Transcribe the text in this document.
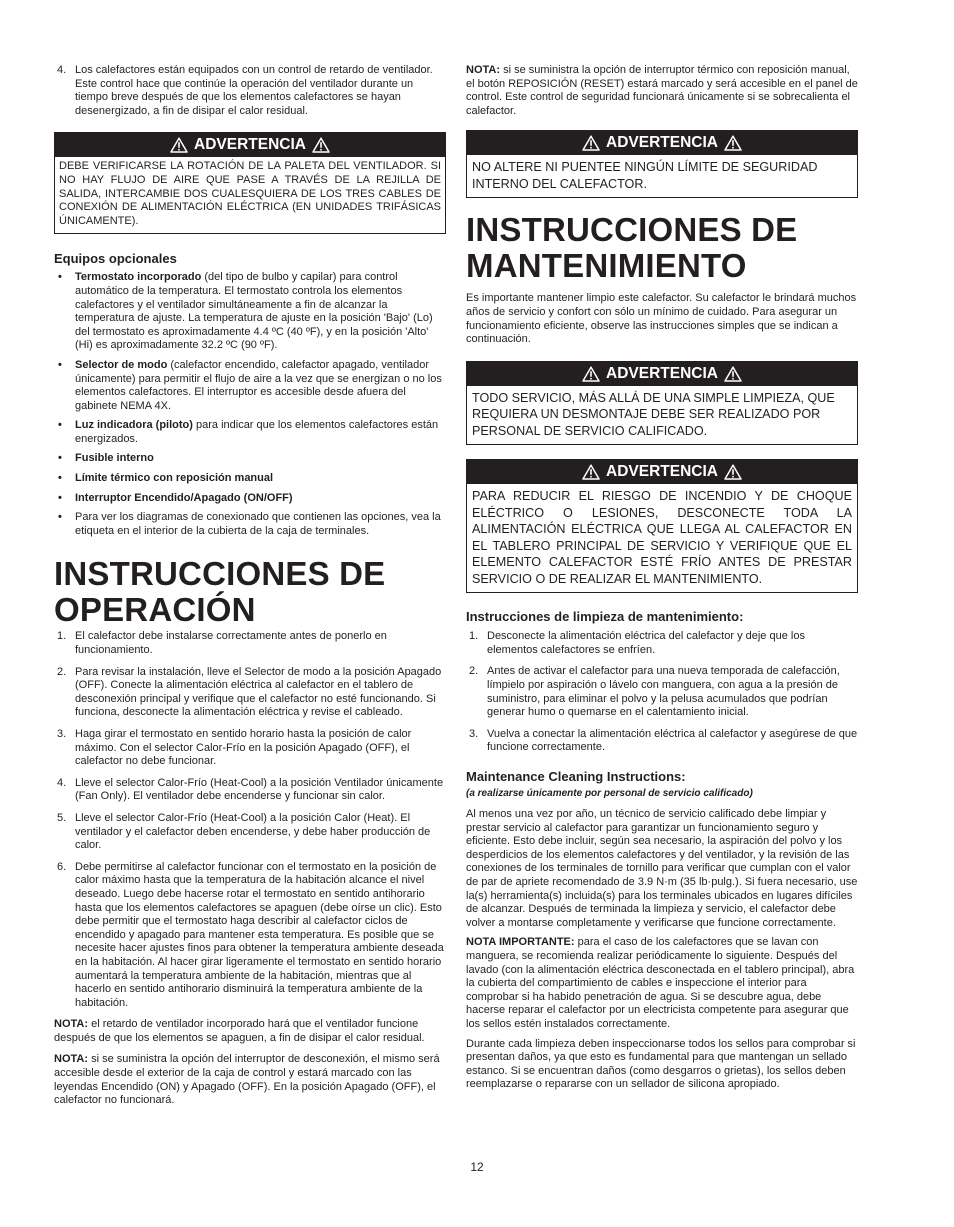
4. Los calefactores están equipados con un control de retardo de ventilador. Este control hace que continúe la operación del ventilador durante un tiempo breve después de que los elementos calefactores se hayan desenergizado, a fin de disipar el calor residual.
ADVERTENCIA
DEBE VERIFICARSE LA ROTACIÓN DE LA PALETA DEL VENTILADOR. SI NO HAY FLUJO DE AIRE QUE PASE A TRAVÉS DE LA REJILLA DE SALIDA, INTERCAMBIE DOS CUALESQUIERA DE LOS TRES CABLES DE CONEXIÓN DE ALIMENTACIÓN ELÉCTRICA (EN UNIDADES TRIFÁSICAS ÚNICAMENTE).
Equipos opcionales
• Termostato incorporado (del tipo de bulbo y capilar) para control automático de la temperatura. El termostato controla los elementos calefactores y el ventilador simultáneamente a fin de alcanzar la temperatura de ajuste. La temperatura de ajuste en la posición 'Bajo' (Lo) del termostato es aproximadamente 4.4 ºC (40 ºF), y en la posición 'Alto' (Hi) es aproximadamente 32.2 ºC (90 ºF).
• Selector de modo (calefactor encendido, calefactor apagado, ventilador únicamente) para permitir el flujo de aire a la vez que se energizan o no los elementos calefactores. El interruptor es accesible desde afuera del gabinete NEMA 4X.
• Luz indicadora (piloto) para indicar que los elementos calefactores están energizados.
• Fusible interno
• Límite térmico con reposición manual
• Interruptor Encendido/Apagado (ON/OFF)
• Para ver los diagramas de conexionado que contienen las opciones, vea la etiqueta en el interior de la cubierta de la caja de terminales.
INSTRUCCIONES DE
OPERACIÓN
1. El calefactor debe instalarse correctamente antes de ponerlo en funcionamiento.
2. Para revisar la instalación, lleve el Selector de modo a la posición Apagado (OFF). Conecte la alimentación eléctrica al calefactor en el tablero de desconexión principal y verifique que el calefactor no esté funcionando. Si funciona, desconecte la alimentación eléctrica y revise el cableado.
3. Haga girar el termostato en sentido horario hasta la posición de calor máximo. Con el selector Calor-Frío en la posición Apagado (OFF), el calefactor no debe funcionar.
4. Lleve el selector Calor-Frío (Heat-Cool) a la posición Ventilador únicamente (Fan Only). El ventilador debe encenderse y funcionar sin calor.
5. Lleve el selector Calor-Frío (Heat-Cool) a la posición Calor (Heat). El ventilador y el calefactor deben encenderse, y debe haber producción de calor.
6. Debe permitirse al calefactor funcionar con el termostato en la posición de calor máximo hasta que la temperatura de la habitación alcance el nivel deseado. Luego debe hacerse rotar el termostato en sentido antihorario hasta que los elementos calefactores se apaguen (debe oírse un clic). Esto debe permitir que el termostato haga describir al calefactor ciclos de encendido y apagado para mantener esta temperatura. Es posible que se necesite hacer ajustes finos para obtener la temperatura ambiente deseada en la habitación. Al hacer girar ligeramente el termostato en sentido horario aumentará la temperatura ambiente de la habitación, mientras que al hacerlo en sentido antihorario disminuirá la temperatura ambiente de la habitación.

NOTA: el retardo de ventilador incorporado hará que el ventilador funcione después de que los elementos se apaguen, a fin de disipar el calor residual.

NOTA: si se suministra la opción del interruptor de desconexión, el mismo será accesible desde el exterior de la caja de control y estará marcado con las leyendas Encendido (ON) y Apagado (OFF). En la posición Apagado (OFF), el calefactor no funcionará.

NOTA: si se suministra la opción de interruptor térmico con reposición manual, el botón REPOSICIÓN (RESET) estará marcado y será accesible en el panel de control. Este control de seguridad funcionará únicamente si se sobrecalienta el calefactor.

ADVERTENCIA
NO ALTERE NI PUENTEE NINGÚN LÍMITE DE SEGURIDAD INTERNO DEL CALEFACTOR.
INSTRUCCIONES DE
MANTENIMIENTO

Es importante mantener limpio este calefactor. Su calefactor le brindará muchos años de servicio y confort con sólo un mínimo de cuidado. Para asegurar un funcionamiento eficiente, observe las instrucciones simples que se indican a continuación.

ADVERTENCIA
TODO SERVICIO, MÁS ALLÁ DE UNA SIMPLE LIMPIEZA, QUE REQUIERA UN DESMONTAJE DEBE SER REALIZADO POR PERSONAL DE SERVICIO CALIFICADO.
ADVERTENCIA
PARA REDUCIR EL RIESGO DE INCENDIO Y DE CHOQUE ELÉCTRICO O LESIONES, DESCONECTE TODA LA ALIMENTACIÓN ELÉCTRICA QUE LLEGA AL CALEFACTOR EN EL TABLERO PRINCIPAL DE SERVICIO Y VERIFIQUE QUE EL ELEMENTO CALEFACTOR ESTÉ FRÍO ANTES DE PRESTAR SERVICIO O DE REALIZAR EL MANTENIMIENTO.
Instrucciones de limpieza de mantenimiento:
1. Desconecte la alimentación eléctrica del calefactor y deje que los elementos calefactores se enfríen.
2. Antes de activar el calefactor para una nueva temporada de calefacción, límpielo por aspiración o lávelo con manguera, con agua a la presión de suministro, para eliminar el polvo y la pelusa acumulados que podrían generar humo o quemarse en el calentamiento inicial.
3. Vuelva a conectar la alimentación eléctrica al calefactor y asegúrese de que funcione correctamente.
Maintenance Cleaning Instructions:

(a realizarse únicamente por personal de servicio calificado)

Al menos una vez por año, un técnico de servicio calificado debe limpiar y prestar servicio al calefactor para garantizar un funcionamiento seguro y eficiente. Esto debe incluir, según sea necesario, la aspiración del polvo y los desperdicios de los elementos calefactores y del ventilador, y la revisión de las conexiones de los terminales de tornillo para verificar que cumplan con el valor de par de apriete recomendado de 3.9 N·m (35 lb·pulg.). Si fuera necesario, use la(s) herramienta(s) incluida(s) para los terminales ubicados en lugares difíciles de alcanzar. Después de terminada la limpieza y servicio, el calefactor debe volver a montarse completamente y verificarse que funcione correctamente.

NOTA IMPORTANTE: para el caso de los calefactores que se lavan con manguera, se recomienda realizar periódicamente lo siguiente. Después del lavado (con la alimentación eléctrica desconectada en el tablero principal), abra la cubierta del compartimiento de cables e inspeccione el interior para comprobar si ha habido penetración de agua. Si se descubre agua, debe hacerse reparar el calefactor por un electricista competente para asegurar que los sellos estén instalados correctamente.

Durante cada limpieza deben inspeccionarse todos los sellos para comprobar si presentan daños, ya que esto es fundamental para que mantengan un sellado estanco. Si se encuentran daños (como desgarros o grietas), los sellos deben reemplazarse o repararse con un sellador de silicona apropiado.

12
